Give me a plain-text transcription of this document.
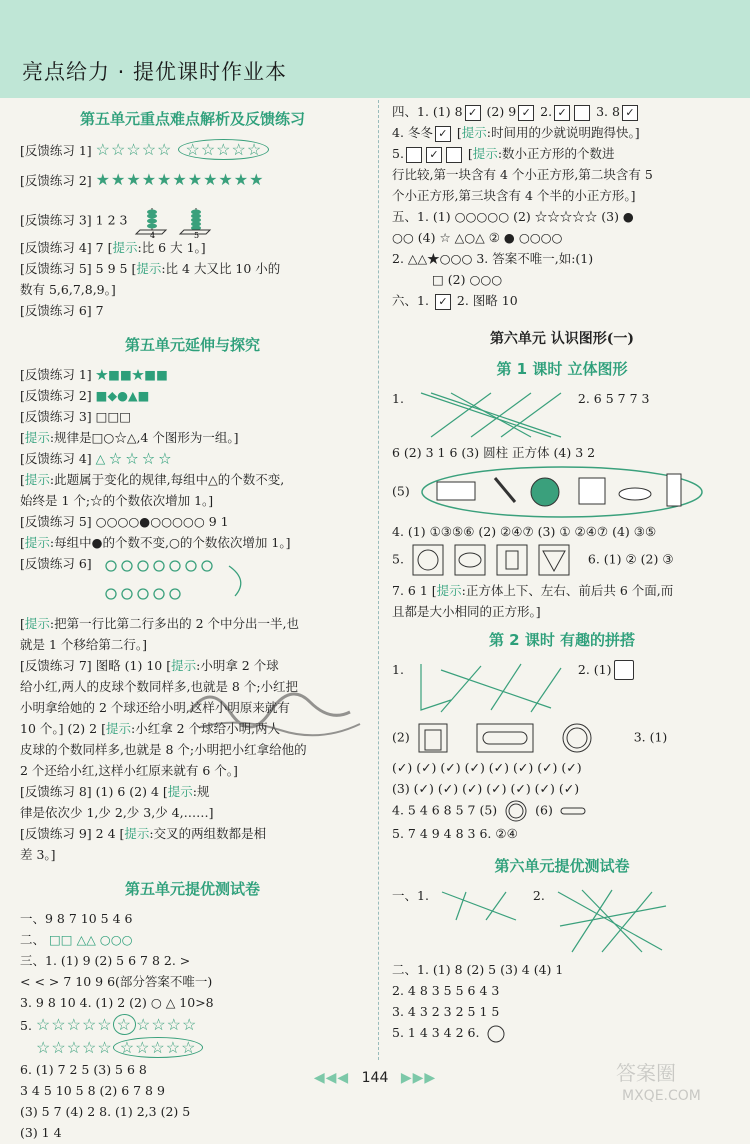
亮点给力 · 提优课时作业本
第五单元重点难点解析及反馈练习
[反馈练习 1] ☆☆☆☆☆ ☆☆☆☆☆
[反馈练习 2] ★★★★★★★★★★★
[反馈练习 3] 1 2 3
4	5
[反馈练习 4] 7 [提示:比 6 大 1。]
[反馈练习 5] 5 9 5 [提示:比 4 大又比 10 小的
数有 5,6,7,8,9。]
[反馈练习 6] 7
第五单元延伸与探究
[反馈练习 1] ★■■★■■
[反馈练习 2] ■◆●▲■
[反馈练习 3] □□□
[提示:规律是□○☆△,4 个图形为一组。]
[反馈练习 4] △ ☆ ☆ ☆ ☆
[提示:此题属于变化的规律,每组中△的个数不变,
始终是 1 个;☆的个数依次增加 1。]
[反馈练习 5] ○○○○●○○○○○ 9 1
[提示:每组中●的个数不变,○的个数依次增加 1。]
[反馈练习 6]
[提示:把第一行比第二行多出的 2 个中分出一半,也
就是 1 个移给第二行。]
[反馈练习 7] 图略 (1) 10 [提示:小明拿 2 个球
给小红,两人的皮球个数同样多,也就是 8 个;小红把
小明拿给她的 2 个球还给小明,这样小明原来就有
10 个。] (2) 2 [提示:小红拿 2 个球给小明,两人
皮球的个数同样多,也就是 8 个;小明把小红拿给他的
2 个还给小红,这样小红原来就有 6 个。]
[反馈练习 8] (1) 6 (2) 4 [提示:规
律是依次少 1,少 2,少 3,少 4,……]
[反馈练习 9] 2 4 [提示:交叉的两组数都是相
差 3。]
第五单元提优测试卷
一、9 8 7 10 5 4 6
二、 □□ △△ ○○○
三、1. (1) 9 (2) 5 6 7 8 2. >
< < > 7 10 9 6(部分答案不唯一)
3. 9 8 10 4. (1) 2 (2) ○ △ 10>8
5. ☆☆☆☆☆ ☆ ☆☆☆☆
☆☆☆☆☆ ☆☆☆☆☆
6. (1) 7 2 5 (3) 5 6 8
3 4 5 10 5 8 (2) 6 7 8 9
(3) 5 7 (4) 2 8. (1) 2,3 (2) 5
(3) 1 4
四、1. (1) 8 ✓ (2) 9 ✓ 2. ✓ 3. 8 ✓
4. 冬冬 ✓ [提示:时间用的少就说明跑得快。]
5. ✓ [提示:数小正方形的个数进
行比较,第一块含有 4 个小正方形,第二块含有 5
个小正方形,第三块含有 4 个半的小正方形。]
五、1. (1) ○○○○○ (2) ☆☆☆☆☆ (3) ●
○○ (4) ☆ △○△ ② ● ○○○○
2. △△★○○○ 3. 答案不唯一,如:(1)
□ (2) ○○○
六、1. ✓ 2. 图略 10
第六单元 认识图形(一)
第 1 课时 立体图形
1.	2. 6 5 7 7 3
6 (2) 3 1 6 (3) 圆柱 正方体 (4) 3 2
(5)
4. (1) ①③⑤⑥ (2) ②④⑦ (3) ① ②④⑦ (4) ③⑤
5.	6. (1) ② (2) ③
7. 6 1 [提示:正方体上下、左右、前后共 6 个面,而
且都是大小相同的正方形。]
第 2 课时 有趣的拼搭
1.	2. (1)
(2)	3. (1)
(✓) (✓) (✓) (✓) (✓) (✓) (✓) (✓)
(3) (✓) (✓) (✓) (✓) (✓) (✓) (✓)
4. 5 4 6 8 5 7 (5)	(6)
5. 7 4 9 4 8 3 6. ②④
第六单元提优测试卷
一、1.	2.
二、1. (1) 8 (2) 5 (3) 4 (4) 1
2. 4 8 3 5 5 6 4 3
3. 4 3 2 3 2 5 1 5
5. 1 4 3 4 2 6.
◀◀◀ 144 ▶▶▶	答案圈
MXQE.COM
